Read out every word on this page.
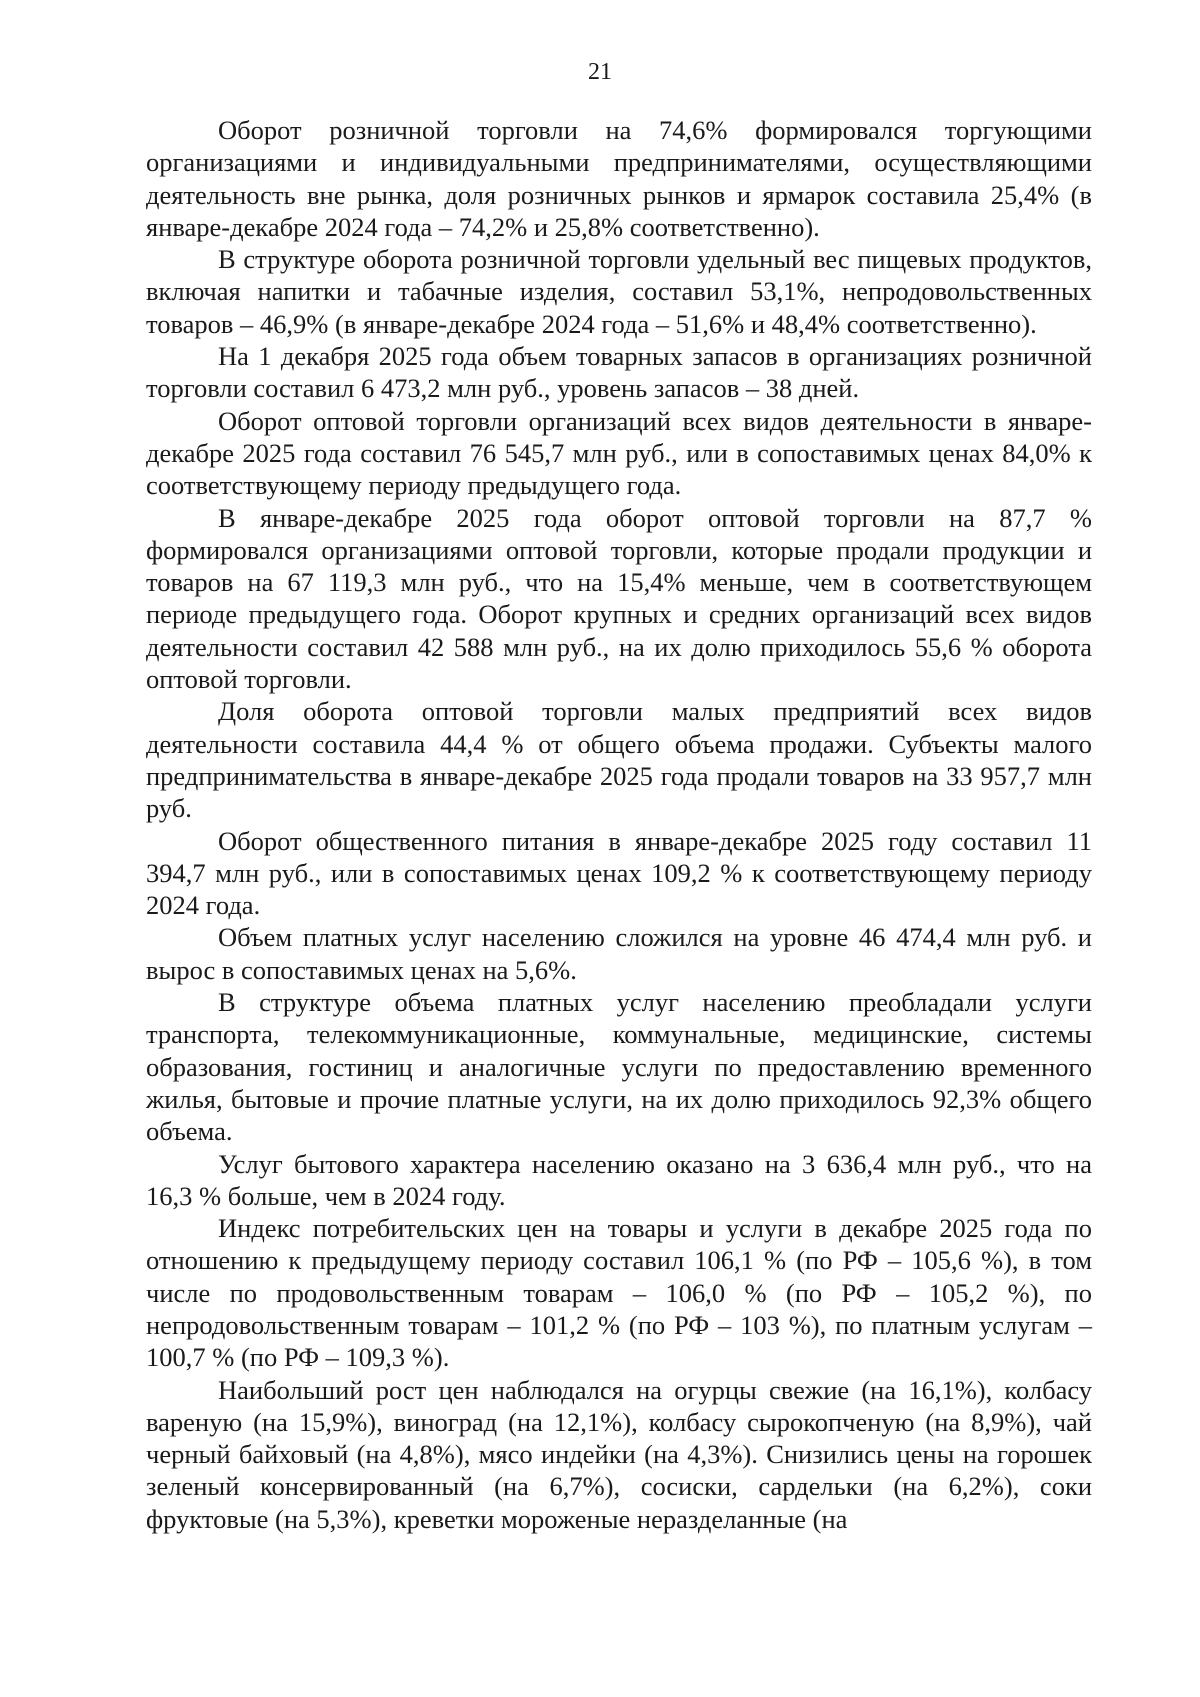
21

Оборот розничной торговли на 74,6% формировался торгующими организациями и индивидуальными предпринимателями, осуществляющими деятельность вне рынка, доля розничных рынков и ярмарок составила 25,4% (в январе-декабре 2024 года – 74,2% и 25,8% соответственно).

В структуре оборота розничной торговли удельный вес пищевых продуктов, включая напитки и табачные изделия, составил 53,1%, непродовольственных товаров – 46,9% (в январе-декабре 2024 года – 51,6% и 48,4% соответственно).

На 1 декабря 2025 года объем товарных запасов в организациях розничной торговли составил 6 473,2 млн руб., уровень запасов – 38 дней.

Оборот оптовой торговли организаций всех видов деятельности в январе-декабре 2025 года составил 76 545,7 млн руб., или в сопоставимых ценах 84,0% к соответствующему периоду предыдущего года.

В январе-декабре 2025 года оборот оптовой торговли на 87,7 % формировался организациями оптовой торговли, которые продали продукции и товаров на 67 119,3 млн руб., что на 15,4% меньше, чем в соответствующем периоде предыдущего года. Оборот крупных и средних организаций всех видов деятельности составил 42 588 млн руб., на их долю приходилось 55,6 % оборота оптовой торговли.

Доля оборота оптовой торговли малых предприятий всех видов деятельности составила 44,4 % от общего объема продажи. Субъекты малого предпринимательства в январе-декабре 2025 года продали товаров на 33 957,7 млн руб.

Оборот общественного питания в январе-декабре 2025 году составил 11 394,7 млн руб., или в сопоставимых ценах 109,2 % к соответствующему периоду 2024 года.

Объем платных услуг населению сложился на уровне 46 474,4 млн руб. и вырос в сопоставимых ценах на 5,6%.

В структуре объема платных услуг населению преобладали услуги транспорта, телекоммуникационные, коммунальные, медицинские, системы образования, гостиниц и аналогичные услуги по предоставлению временного жилья, бытовые и прочие платные услуги, на их долю приходилось 92,3% общего объема.

Услуг бытового характера населению оказано на 3 636,4 млн руб., что на 16,3 % больше, чем в 2024 году.

Индекс потребительских цен на товары и услуги в декабре 2025 года по отношению к предыдущему периоду составил 106,1 % (по РФ – 105,6 %), в том числе по продовольственным товарам – 106,0 % (по РФ – 105,2 %), по непродовольственным товарам – 101,2 % (по РФ – 103 %), по платным услугам – 100,7 % (по РФ – 109,3 %).

Наибольший рост цен наблюдался на огурцы свежие (на 16,1%), колбасу вареную (на 15,9%), виноград (на 12,1%), колбасу сырокопченую (на 8,9%), чай черный байховый (на 4,8%), мясо индейки (на 4,3%). Снизились цены на горошек зеленый консервированный (на 6,7%), сосиски, сардельки (на 6,2%), соки фруктовые (на 5,3%), креветки мороженые неразделанные (на
